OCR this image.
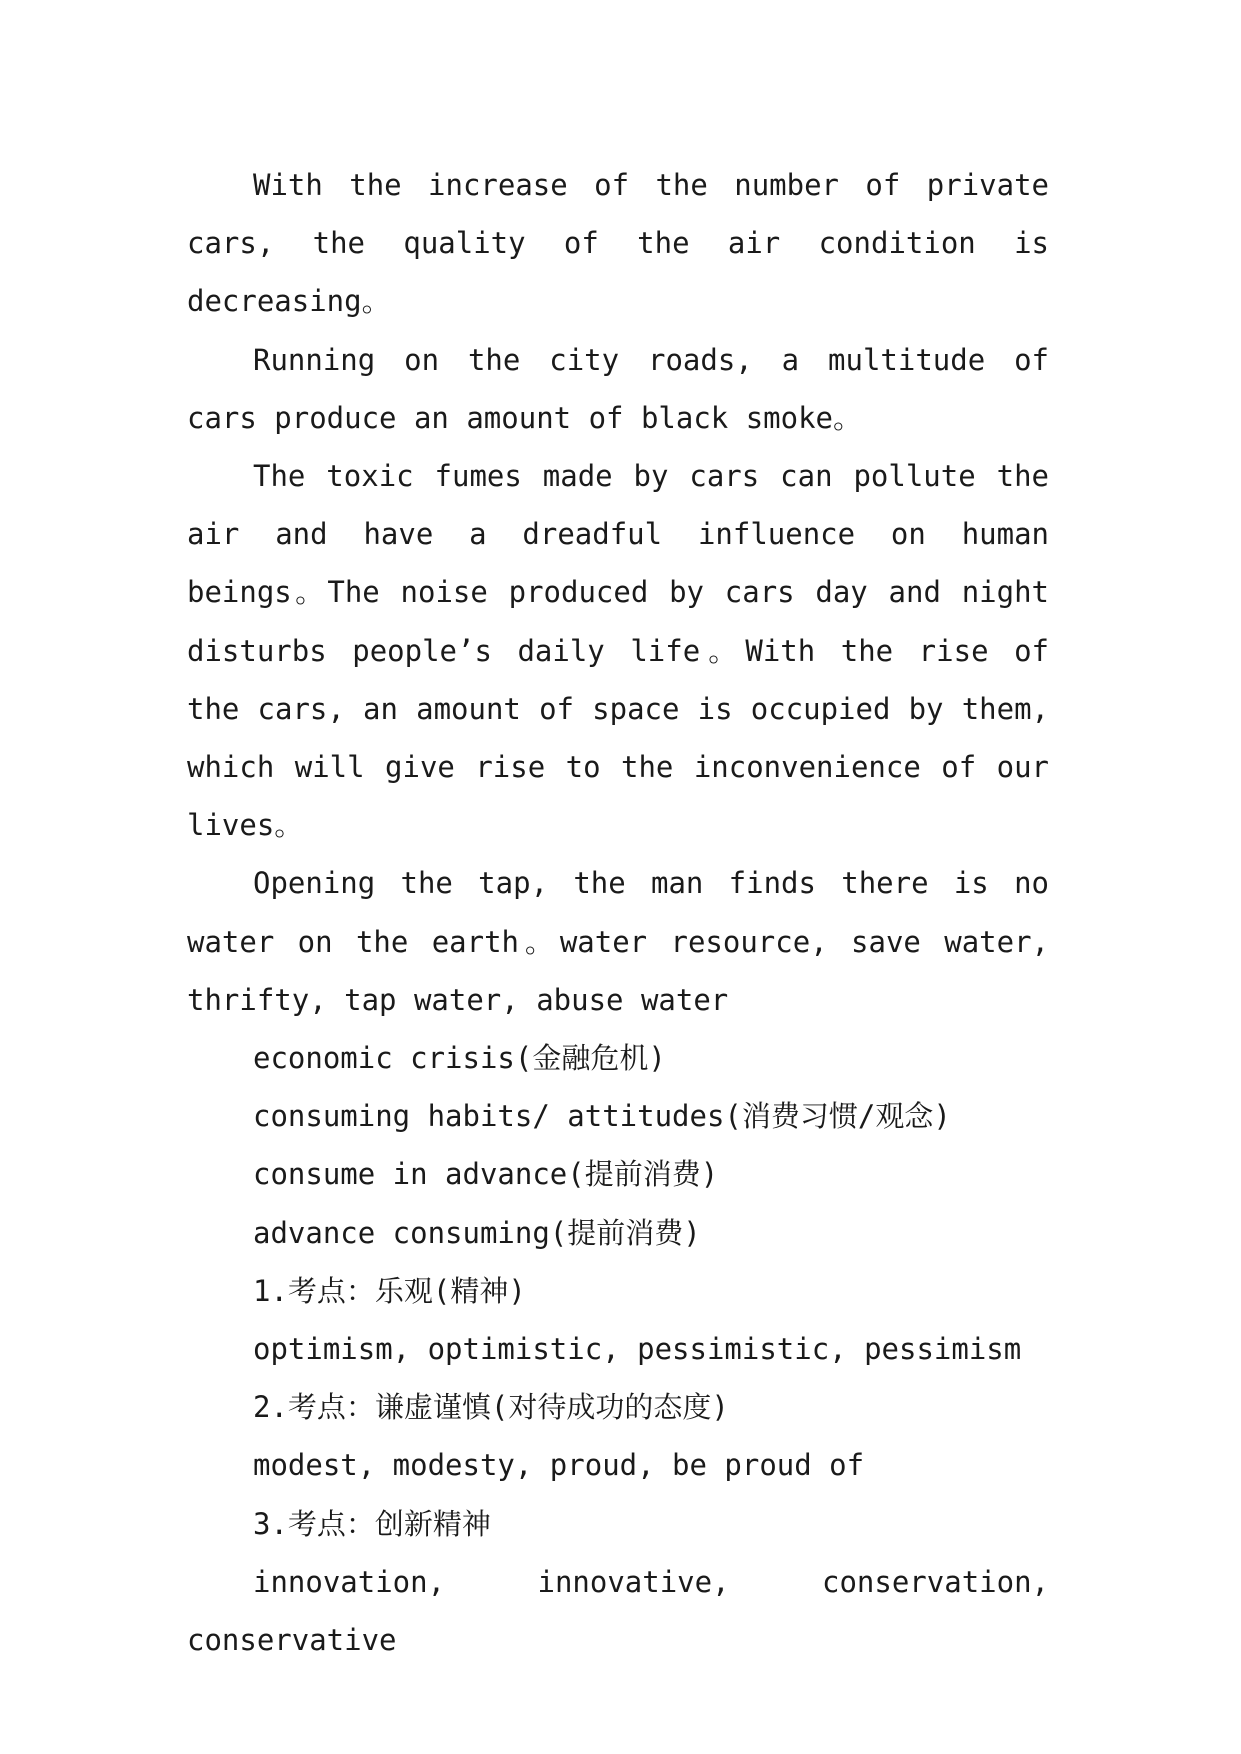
With the increase of the number of private cars, the quality of the air condition is decreasing。

Running on the city roads, a multitude of cars produce an amount of black smoke。

The toxic fumes made by cars can pollute the air and have a dreadful influence on human beings。The noise produced by cars day and night disturbs people’s daily life。With the rise of the cars, an amount of space is occupied by them, which will give rise to the inconvenience of our lives。

Opening the tap, the man finds there is no water on the earth。water resource, save water, thrifty, tap water, abuse water

economic crisis(金融危机)

consuming habits/ attitudes(消费习惯/观念)

consume in advance(提前消费)

advance consuming(提前消费)

1.考点：乐观(精神)

optimism, optimistic, pessimistic, pessimism

2.考点：谦虚谨慎(对待成功的态度)

modest, modesty, proud, be proud of

3.考点：创新精神

innovation, innovative, conservation, conservative
